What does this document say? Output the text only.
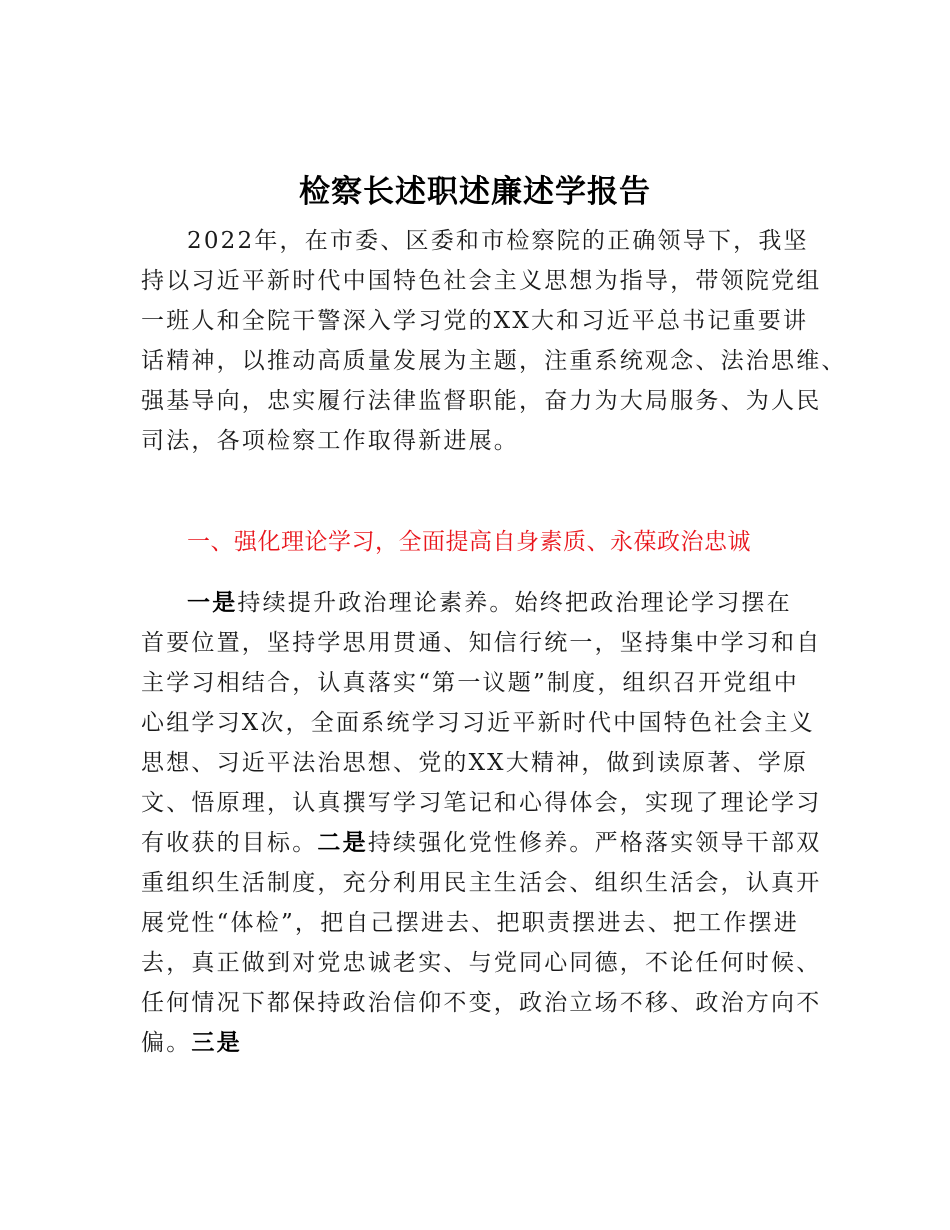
检察长述职述廉述学报告
2022年，在市委、区委和市检察院的正确领导下，我坚
持以习近平新时代中国特色社会主义思想为指导，带领院党组
一班人和全院干警深入学习党的XX大和习近平总书记重要讲
话精神，以推动高质量发展为主题，注重系统观念、法治思维、
强基导向，忠实履行法律监督职能，奋力为大局服务、为人民
司法，各项检察工作取得新进展。
一、强化理论学习，全面提高自身素质、永葆政治忠诚
一是持续提升政治理论素养。始终把政治理论学习摆在
首要位置，坚持学思用贯通、知信行统一，坚持集中学习和自
主学习相结合，认真落实“第一议题”制度，组织召开党组中
心组学习X次，全面系统学习习近平新时代中国特色社会主义
思想、习近平法治思想、党的XX大精神，做到读原著、学原
文、悟原理，认真撰写学习笔记和心得体会，实现了理论学习
有收获的目标。二是持续强化党性修养。严格落实领导干部双
重组织生活制度，充分利用民主生活会、组织生活会，认真开
展党性“体检”，把自己摆进去、把职责摆进去、把工作摆进
去，真正做到对党忠诚老实、与党同心同德，不论任何时候、
任何情况下都保持政治信仰不变，政治立场不移、政治方向不
偏。三是
